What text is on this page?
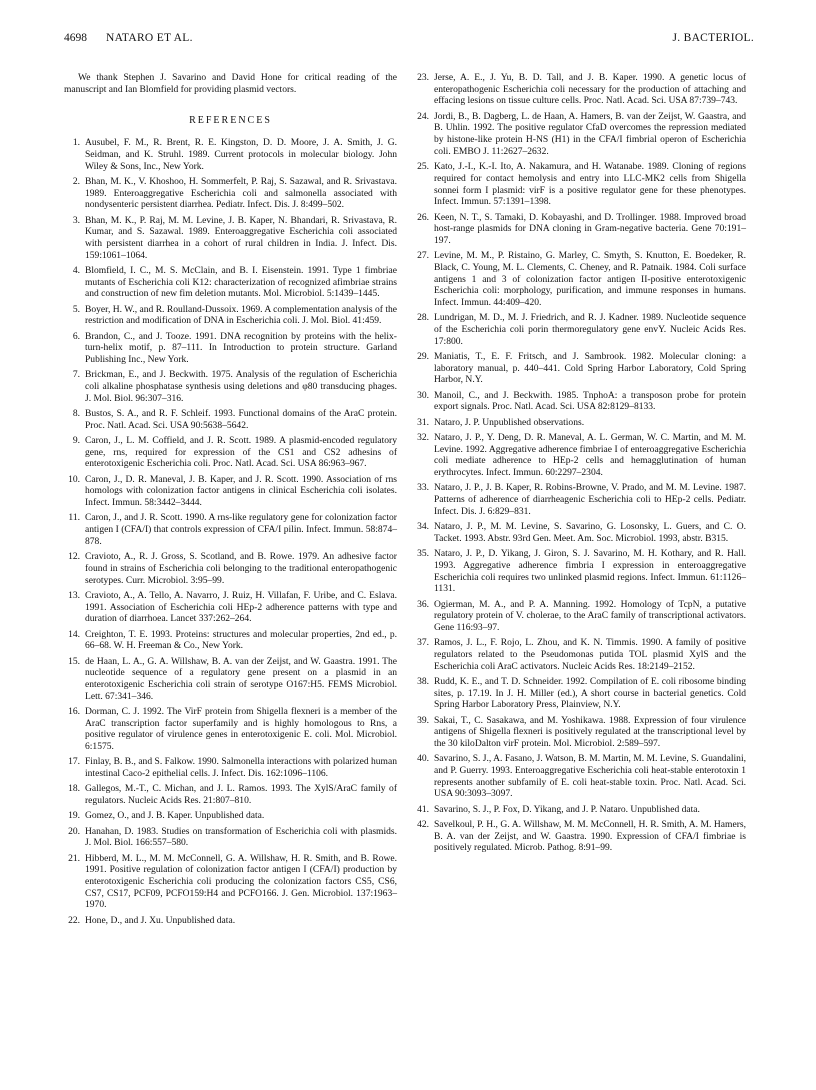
4698 NATARO ET AL.	J. BACTERIOL.

We thank Stephen J. Savarino and David Hone for critical reading of the manuscript and Ian Blomfield for providing plasmid vectors.

REFERENCES
1. Ausubel, F. M., R. Brent, R. E. Kingston, D. D. Moore, J. A. Smith, J. G. Seidman, and K. Struhl. 1989. Current protocols in molecular biology. John Wiley & Sons, Inc., New York.
2. Bhan, M. K., V. Khoshoo, H. Sommerfelt, P. Raj, S. Sazawal, and R. Srivastava. 1989. Enteroaggregative Escherichia coli and salmonella associated with nondysenteric persistent diarrhea. Pediatr. Infect. Dis. J. 8:499–502.
3. Bhan, M. K., P. Raj, M. M. Levine, J. B. Kaper, N. Bhandari, R. Srivastava, R. Kumar, and S. Sazawal. 1989. Enteroaggregative Escherichia coli associated with persistent diarrhea in a cohort of rural children in India. J. Infect. Dis. 159:1061–1064.
4. Blomfield, I. C., M. S. McClain, and B. I. Eisenstein. 1991. Type 1 fimbriae mutants of Escherichia coli K12: characterization of recognized afimbriae strains and construction of new fim deletion mutants. Mol. Microbiol. 5:1439–1445.
5. Boyer, H. W., and R. Roulland-Dussoix. 1969. A complementation analysis of the restriction and modification of DNA in Escherichia coli. J. Mol. Biol. 41:459.
6. Brandon, C., and J. Tooze. 1991. DNA recognition by proteins with the helix-turn-helix motif, p. 87–111. In Introduction to protein structure. Garland Publishing Inc., New York.
7. Brickman, E., and J. Beckwith. 1975. Analysis of the regulation of Escherichia coli alkaline phosphatase synthesis using deletions and φ80 transducing phages. J. Mol. Biol. 96:307–316.
8. Bustos, S. A., and R. F. Schleif. 1993. Functional domains of the AraC protein. Proc. Natl. Acad. Sci. USA 90:5638–5642.
9. Caron, J., L. M. Coffield, and J. R. Scott. 1989. A plasmid-encoded regulatory gene, rns, required for expression of the CS1 and CS2 adhesins of enterotoxigenic Escherichia coli. Proc. Natl. Acad. Sci. USA 86:963–967.
10. Caron, J., D. R. Maneval, J. B. Kaper, and J. R. Scott. 1990. Association of rns homologs with colonization factor antigens in clinical Escherichia coli isolates. Infect. Immun. 58:3442–3444.
11. Caron, J., and J. R. Scott. 1990. A rns-like regulatory gene for colonization factor antigen I (CFA/I) that controls expression of CFA/I pilin. Infect. Immun. 58:874–878.
12. Cravioto, A., R. J. Gross, S. Scotland, and B. Rowe. 1979. An adhesive factor found in strains of Escherichia coli belonging to the traditional enteropathogenic serotypes. Curr. Microbiol. 3:95–99.
13. Cravioto, A., A. Tello, A. Navarro, J. Ruiz, H. Villafan, F. Uribe, and C. Eslava. 1991. Association of Escherichia coli HEp-2 adherence patterns with type and duration of diarrhoea. Lancet 337:262–264.
14. Creighton, T. E. 1993. Proteins: structures and molecular properties, 2nd ed., p. 66–68. W. H. Freeman & Co., New York.
15. de Haan, L. A., G. A. Willshaw, B. A. van der Zeijst, and W. Gaastra. 1991. The nucleotide sequence of a regulatory gene present on a plasmid in an enterotoxigenic Escherichia coli strain of serotype O167:H5. FEMS Microbiol. Lett. 67:341–346.
16. Dorman, C. J. 1992. The VirF protein from Shigella flexneri is a member of the AraC transcription factor superfamily and is highly homologous to Rns, a positive regulator of virulence genes in enterotoxigenic E. coli. Mol. Microbiol. 6:1575.
17. Finlay, B. B., and S. Falkow. 1990. Salmonella interactions with polarized human intestinal Caco-2 epithelial cells. J. Infect. Dis. 162:1096–1106.
18. Gallegos, M.-T., C. Michan, and J. L. Ramos. 1993. The XylS/AraC family of regulators. Nucleic Acids Res. 21:807–810.
19. Gomez, O., and J. B. Kaper. Unpublished data.
20. Hanahan, D. 1983. Studies on transformation of Escherichia coli with plasmids. J. Mol. Biol. 166:557–580.
21. Hibberd, M. L., M. M. McConnell, G. A. Willshaw, H. R. Smith, and B. Rowe. 1991. Positive regulation of colonization factor antigen I (CFA/I) production by enterotoxigenic Escherichia coli producing the colonization factors CS5, CS6, CS7, CS17, PCF09, PCFO159:H4 and PCFO166. J. Gen. Microbiol. 137:1963–1970.
22. Hone, D., and J. Xu. Unpublished data.
23. Jerse, A. E., J. Yu, B. D. Tall, and J. B. Kaper. 1990. A genetic locus of enteropathogenic Escherichia coli necessary for the production of attaching and effacing lesions on tissue culture cells. Proc. Natl. Acad. Sci. USA 87:739–743.
24. Jordi, B., B. Dagberg, L. de Haan, A. Hamers, B. van der Zeijst, W. Gaastra, and B. Uhlin. 1992. The positive regulator CfaD overcomes the repression mediated by histone-like protein H-NS (H1) in the CFA/I fimbrial operon of Escherichia coli. EMBO J. 11:2627–2632.
25. Kato, J.-I., K.-I. Ito, A. Nakamura, and H. Watanabe. 1989. Cloning of regions required for contact hemolysis and entry into LLC-MK2 cells from Shigella sonnei form I plasmid: virF is a positive regulator gene for these phenotypes. Infect. Immun. 57:1391–1398.
26. Keen, N. T., S. Tamaki, D. Kobayashi, and D. Trollinger. 1988. Improved broad host-range plasmids for DNA cloning in Gram-negative bacteria. Gene 70:191–197.
27. Levine, M. M., P. Ristaino, G. Marley, C. Smyth, S. Knutton, E. Boedeker, R. Black, C. Young, M. L. Clements, C. Cheney, and R. Patnaik. 1984. Coli surface antigens 1 and 3 of colonization factor antigen II-positive enterotoxigenic Escherichia coli: morphology, purification, and immune responses in humans. Infect. Immun. 44:409–420.
28. Lundrigan, M. D., M. J. Friedrich, and R. J. Kadner. 1989. Nucleotide sequence of the Escherichia coli porin thermoregulatory gene envY. Nucleic Acids Res. 17:800.
29. Maniatis, T., E. F. Fritsch, and J. Sambrook. 1982. Molecular cloning: a laboratory manual, p. 440–441. Cold Spring Harbor Laboratory, Cold Spring Harbor, N.Y.
30. Manoil, C., and J. Beckwith. 1985. TnphoA: a transposon probe for protein export signals. Proc. Natl. Acad. Sci. USA 82:8129–8133.
31. Nataro, J. P. Unpublished observations.
32. Nataro, J. P., Y. Deng, D. R. Maneval, A. L. German, W. C. Martin, and M. M. Levine. 1992. Aggregative adherence fimbriae I of enteroaggregative Escherichia coli mediate adherence to HEp-2 cells and hemagglutination of human erythrocytes. Infect. Immun. 60:2297–2304.
33. Nataro, J. P., J. B. Kaper, R. Robins-Browne, V. Prado, and M. M. Levine. 1987. Patterns of adherence of diarrheagenic Escherichia coli to HEp-2 cells. Pediatr. Infect. Dis. J. 6:829–831.
34. Nataro, J. P., M. M. Levine, S. Savarino, G. Losonsky, L. Guers, and C. O. Tacket. 1993. Abstr. 93rd Gen. Meet. Am. Soc. Microbiol. 1993, abstr. B315.
35. Nataro, J. P., D. Yikang, J. Giron, S. J. Savarino, M. H. Kothary, and R. Hall. 1993. Aggregative adherence fimbria I expression in enteroaggregative Escherichia coli requires two unlinked plasmid regions. Infect. Immun. 61:1126–1131.
36. Ogierman, M. A., and P. A. Manning. 1992. Homology of TcpN, a putative regulatory protein of V. cholerae, to the AraC family of transcriptional activators. Gene 116:93–97.
37. Ramos, J. L., F. Rojo, L. Zhou, and K. N. Timmis. 1990. A family of positive regulators related to the Pseudomonas putida TOL plasmid XylS and the Escherichia coli AraC activators. Nucleic Acids Res. 18:2149–2152.
38. Rudd, K. E., and T. D. Schneider. 1992. Compilation of E. coli ribosome binding sites, p. 17.19. In J. H. Miller (ed.), A short course in bacterial genetics. Cold Spring Harbor Laboratory Press, Plainview, N.Y.
39. Sakai, T., C. Sasakawa, and M. Yoshikawa. 1988. Expression of four virulence antigens of Shigella flexneri is positively regulated at the transcriptional level by the 30 kiloDalton virF protein. Mol. Microbiol. 2:589–597.
40. Savarino, S. J., A. Fasano, J. Watson, B. M. Martin, M. M. Levine, S. Guandalini, and P. Guerry. 1993. Enteroaggregative Escherichia coli heat-stable enterotoxin 1 represents another subfamily of E. coli heat-stable toxin. Proc. Natl. Acad. Sci. USA 90:3093–3097.
41. Savarino, S. J., P. Fox, D. Yikang, and J. P. Nataro. Unpublished data.
42. Savelkoul, P. H., G. A. Willshaw, M. M. McConnell, H. R. Smith, A. M. Hamers, B. A. van der Zeijst, and W. Gaastra. 1990. Expression of CFA/I fimbriae is positively regulated. Microb. Pathog. 8:91–99.
